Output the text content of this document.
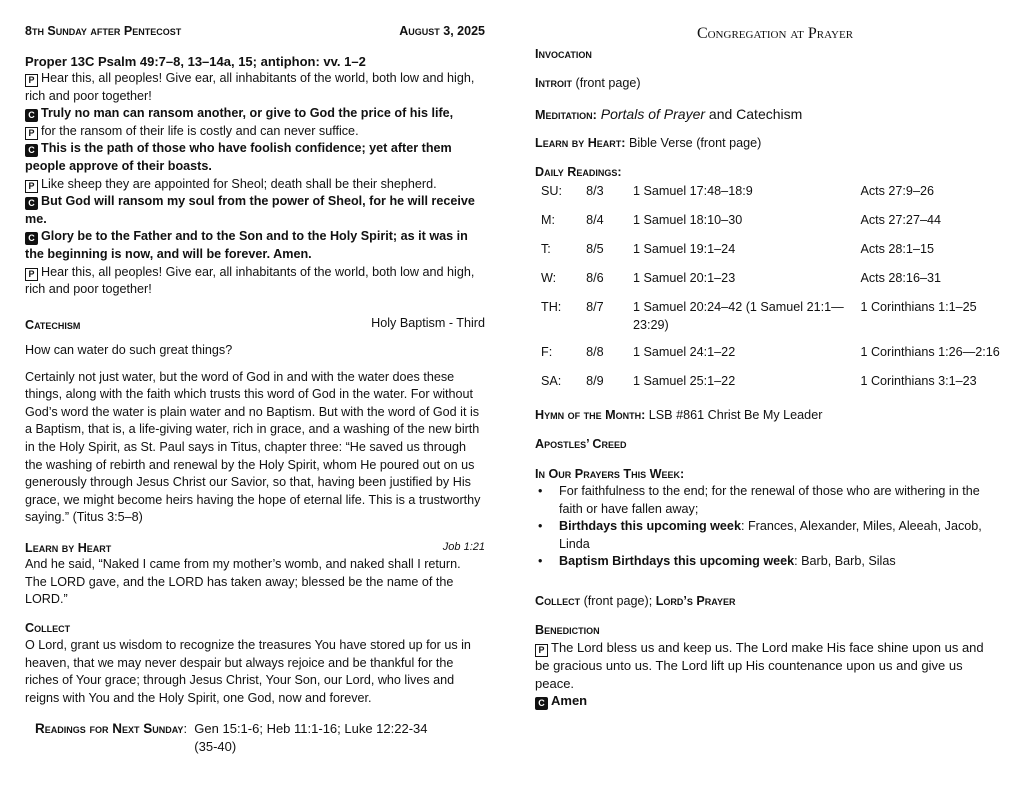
8th Sunday after Pentecost	August 3, 2025

Proper 13C Psalm 49:7–8, 13–14a, 15; antiphon: vv. 1–2

P Hear this, all peoples! Give ear, all inhabitants of the world, both low and high, rich and poor together!

C Truly no man can ransom another, or give to God the price of his life,

P for the ransom of their life is costly and can never suffice.

C This is the path of those who have foolish confidence; yet after them people approve of their boasts.

P Like sheep they are appointed for Sheol; death shall be their shepherd.

C But God will ransom my soul from the power of Sheol, for he will receive me.

C Glory be to the Father and to the Son and to the Holy Spirit; as it was in the beginning is now, and will be forever. Amen.

P Hear this, all peoples! Give ear, all inhabitants of the world, both low and high, rich and poor together!

Catechism	Holy Baptism - Third

How can water do such great things?

Certainly not just water, but the word of God in and with the water does these things, along with the faith which trusts this word of God in the water. For without God’s word the water is plain water and no Baptism. But with the word of God it is a Baptism, that is, a life-giving water, rich in grace, and a washing of the new birth in the Holy Spirit, as St. Paul says in Titus, chapter three: “He saved us through the washing of rebirth and renewal by the Holy Spirit, whom He poured out on us generously through Jesus Christ our Savior, so that, having been justified by His grace, we might become heirs having the hope of eternal life. This is a trustworthy saying.” (Titus 3:5–8)

Learn by Heart	Job 1:21

And he said, “Naked I came from my mother’s womb, and naked shall I return. The LORD gave, and the LORD has taken away; blessed be the name of the LORD.”

Collect

O Lord, grant us wisdom to recognize the treasures You have stored up for us in heaven, that we may never despair but always rejoice and be thankful for the riches of Your grace; through Jesus Christ, Your Son, our Lord, who lives and reigns with You and the Holy Spirit, one God, now and forever.

Readings for Next Sunday: Gen 15:1-6; Heb 11:1-16; Luke 12:22-34
(35-40)
Congregation at Prayer

Invocation

Introit (front page)

Meditation: Portals of Prayer and Catechism

Learn by Heart: Bible Verse (front page)

Daily Readings:

SU:	8/3	1 Samuel 17:48–18:9	Acts 27:9–26
M:	8/4	1 Samuel 18:10–30	Acts 27:27–44
T:	8/5	1 Samuel 19:1–24	Acts 28:1–15
W:	8/6	1 Samuel 20:1–23	Acts 28:16–31
TH:	8/7	1 Samuel 20:24–42 (1 Samuel 21:1—23:29)	1 Corinthians 1:1–25
F:	8/8	1 Samuel 24:1–22	1 Corinthians 1:26—2:16
SA:	8/9	1 Samuel 25:1–22	1 Corinthians 3:1–23

Hymn of the Month: LSB #861 Christ Be My Leader

Apostles’ Creed

In Our Prayers This Week:

• For faithfulness to the end; for the renewal of those who are withering in the faith or have fallen away;
• Birthdays this upcoming week: Frances, Alexander, Miles, Aleeah, Jacob, Linda
• Baptism Birthdays this upcoming week: Barb, Barb, Silas

Collect (front page); Lord’s Prayer

Benediction

P The Lord bless us and keep us. The Lord make His face shine upon us and be gracious unto us. The Lord lift up His countenance upon us and give us peace.

C Amen
